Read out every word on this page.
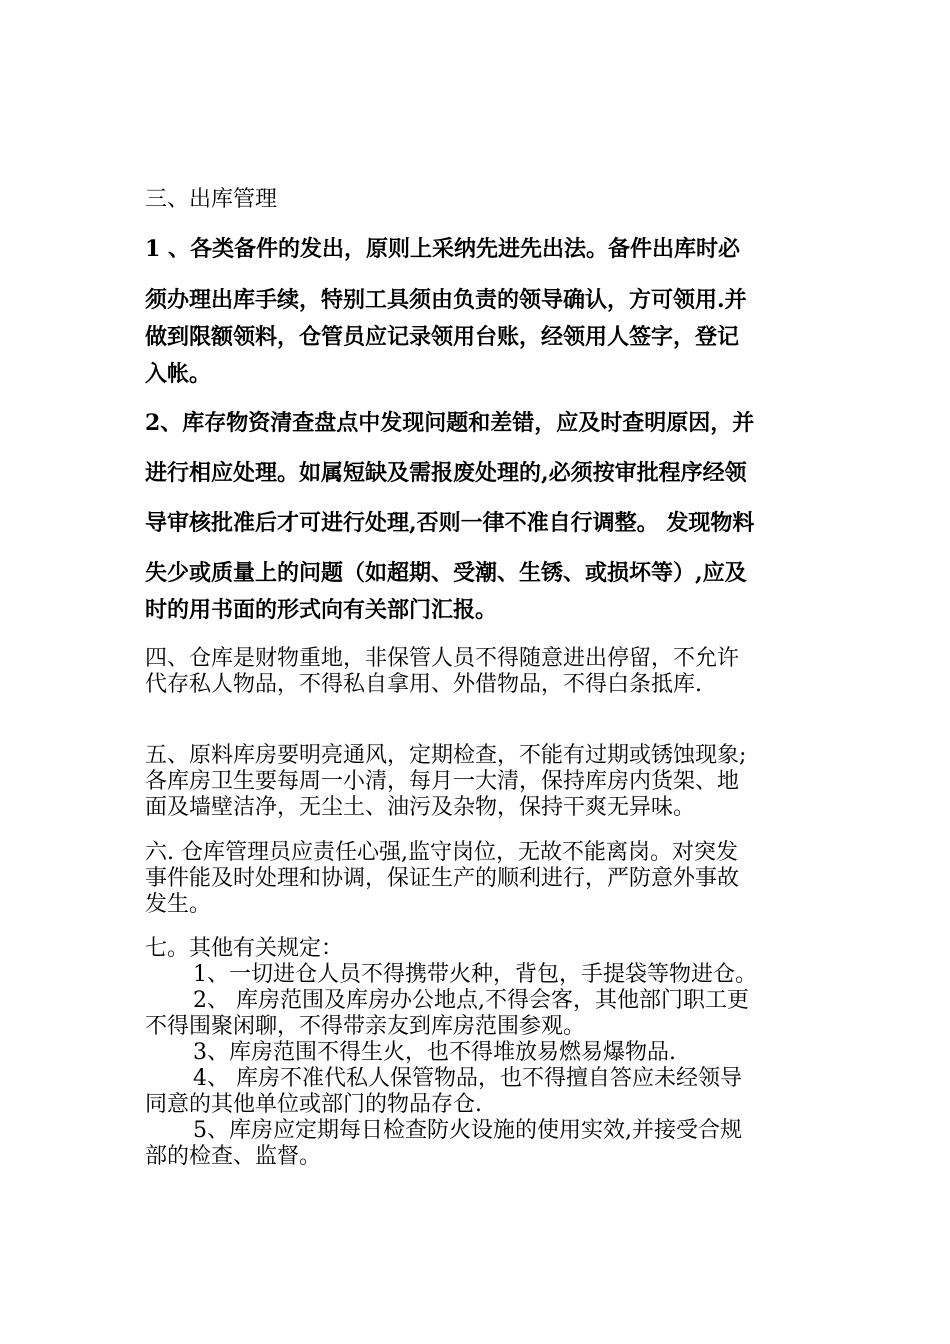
三、出库管理
1 、各类备件的发出，原则上采纳先进先出法。备件出库时必
须办理出库手续，特别工具须由负责的领导确认，方可领用.并
做到限额领料，仓管员应记录领用台账，经领用人签字，登记
入帐。
2、库存物资清查盘点中发现问题和差错，应及时查明原因，并
进行相应处理。如属短缺及需报废处理的,必须按审批程序经领
导审核批准后才可进行处理,否则一律不准自行调整。 发现物料
失少或质量上的问题（如超期、受潮、生锈、或损坏等）,应及
时的用书面的形式向有关部门汇报。
四、仓库是财物重地，非保管人员不得随意进出停留，不允许
代存私人物品，不得私自拿用、外借物品，不得白条抵库.
五、原料库房要明亮通风，定期检查，不能有过期或锈蚀现象;
各库房卫生要每周一小清，每月一大清，保持库房内货架、地
面及墙壁洁净，无尘土、油污及杂物，保持干爽无异味。
六. 仓库管理员应责任心强,监守岗位，无故不能离岗。对突发
事件能及时处理和协调，保证生产的顺利进行，严防意外事故
发生。
七。其他有关规定：
1、一切进仓人员不得携带火种，背包，手提袋等物进仓。
2、 库房范围及库房办公地点,不得会客，其他部门职工更
不得围聚闲聊，不得带亲友到库房范围参观。
3、库房范围不得生火，也不得堆放易燃易爆物品.
4、 库房不准代私人保管物品，也不得擅自答应未经领导
同意的其他单位或部门的物品存仓.
5、库房应定期每日检查防火设施的使用实效,并接受合规
部的检查、监督。
